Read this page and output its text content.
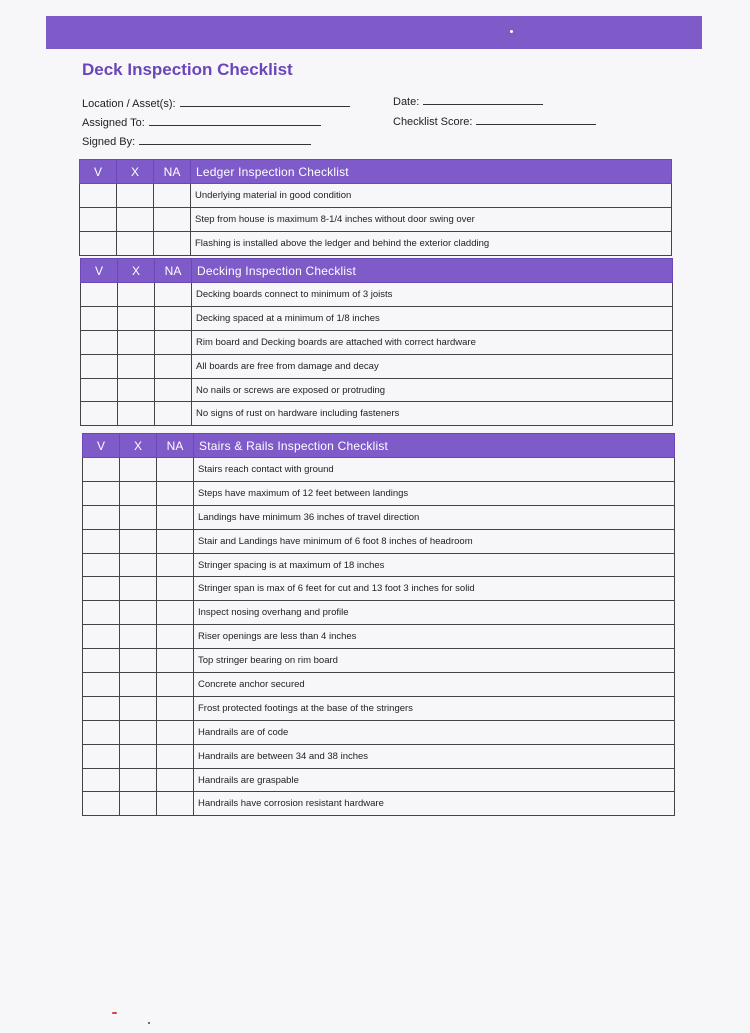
Deck Inspection Checklist
Location / Asset(s):
Assigned To:
Signed By:
Date:
Checklist Score:
V	X	NA	Ledger Inspection Checklist
			Underlying material in good condition
			Step from house is maximum 8-1/4 inches without door swing over
			Flashing is installed above the ledger and behind the exterior cladding
V	X	NA	Decking Inspection Checklist
			Decking boards connect to minimum of 3 joists
			Decking spaced at a minimum of 1/8 inches
			Rim board and Decking boards are attached with correct hardware
			All boards are free from damage and decay
			No nails or screws are exposed or protruding
			No signs of rust on hardware including fasteners
V	X	NA	Stairs & Rails Inspection Checklist
			Stairs reach contact with ground
			Steps have maximum of 12 feet between landings
			Landings have minimum 36 inches of travel direction
			Stair and Landings have minimum of 6 foot 8 inches of headroom
			Stringer spacing is at maximum of 18 inches
			Stringer span is max of 6 feet for cut and 13 foot 3 inches for solid
			Inspect nosing overhang and profile
			Riser openings are less than 4 inches
			Top stringer bearing on rim board
			Concrete anchor secured
			Frost protected footings at the base of the stringers
			Handrails are of code
			Handrails are between 34 and 38 inches
			Handrails are graspable
			Handrails have corrosion resistant hardware
